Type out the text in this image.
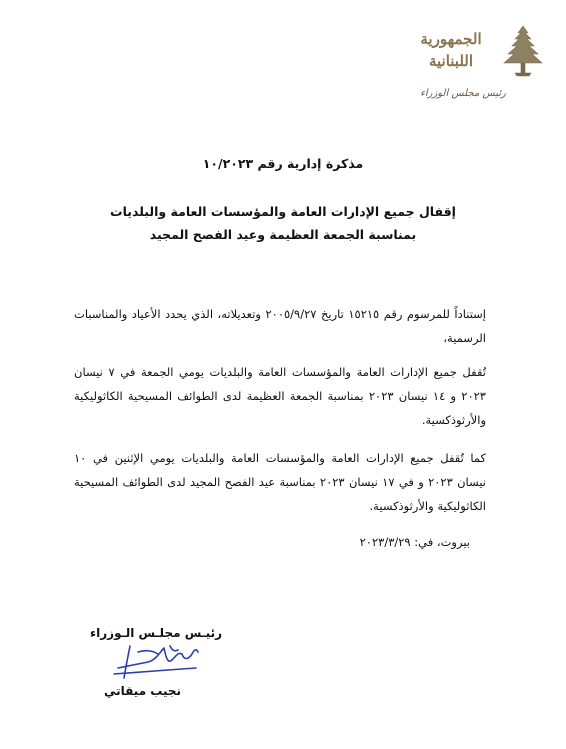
الجمهورية
اللبنانية
رئيس مجلس الوزراء
مذكرة إدارية رقم ١٠/٢٠٢٣
إقفال جميع الإدارات العامة والمؤسسات العامة والبلديات
بمناسبة الجمعة العظيمة وعيد الفصح المجيد

إستناداً للمرسوم رقم ١٥٢١٥ تاريخ ٢٠٠٥/٩/٢٧ وتعديلاته، الذي يحدد الأعياد والمناسبات الرسمية،

تُقفل جميع الإدارات العامة والمؤسسات العامة والبلديات يومي الجمعة في ٧ نيسان ٢٠٢٣ و ١٤ نيسان ٢٠٢٣ بمناسبة الجمعة العظيمة لدى الطوائف المسيحية الكاثوليكية والأرثوذكسية.

كما تُقفل جميع الإدارات العامة والمؤسسات العامة والبلديات يومي الإثنين في ١٠ نيسان ٢٠٢٣ و في ١٧ نيسان ٢٠٢٣ بمناسبة عيد الفصح المجيد لدى الطوائف المسيحية الكاثوليكية والأرثوذكسية.

بيروت، في: ٢٠٢٣/٣/٢٩
رئيـس مجلـس الـوزراء
نجيب ميقاتي
